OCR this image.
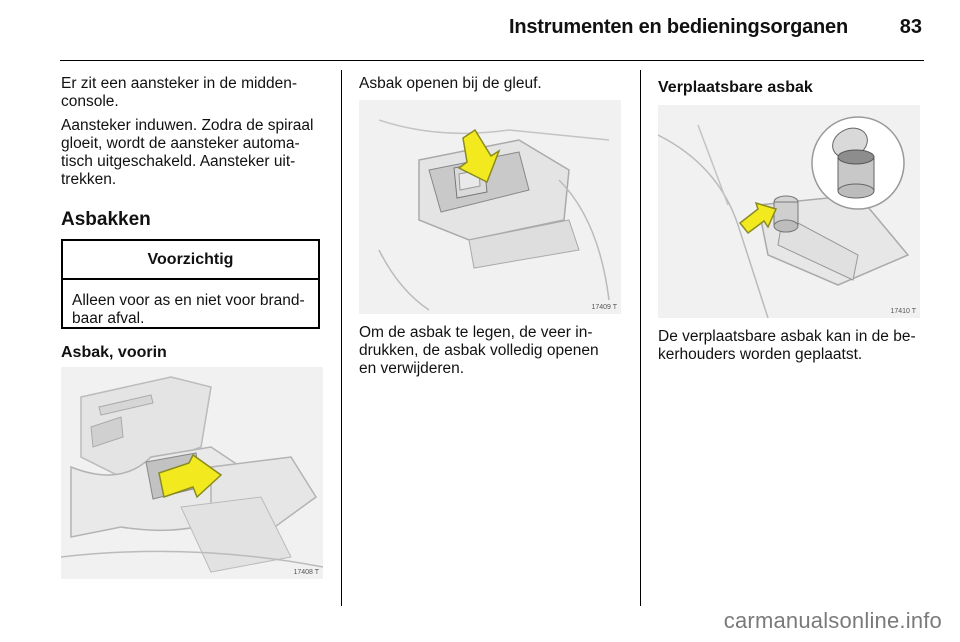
Instrumenten en bedieningsorganen	83

Er zit een aansteker in de midden-
console.

Aansteker induwen. Zodra de spiraal
gloeit, wordt de aansteker automa-
tisch uitgeschakeld. Aansteker uit-
trekken.

Asbakken
Voorzichtig

Alleen voor as en niet voor brand-
baar afval.

Asbak, voorin
17408 T

Asbak openen bij de gleuf.

17409 T

Om de asbak te legen, de veer in-
drukken, de asbak volledig openen
en verwijderen.

Verplaatsbare asbak
17410 T

De verplaatsbare asbak kan in de be-
kerhouders worden geplaatst.

carmanualsonline.info
